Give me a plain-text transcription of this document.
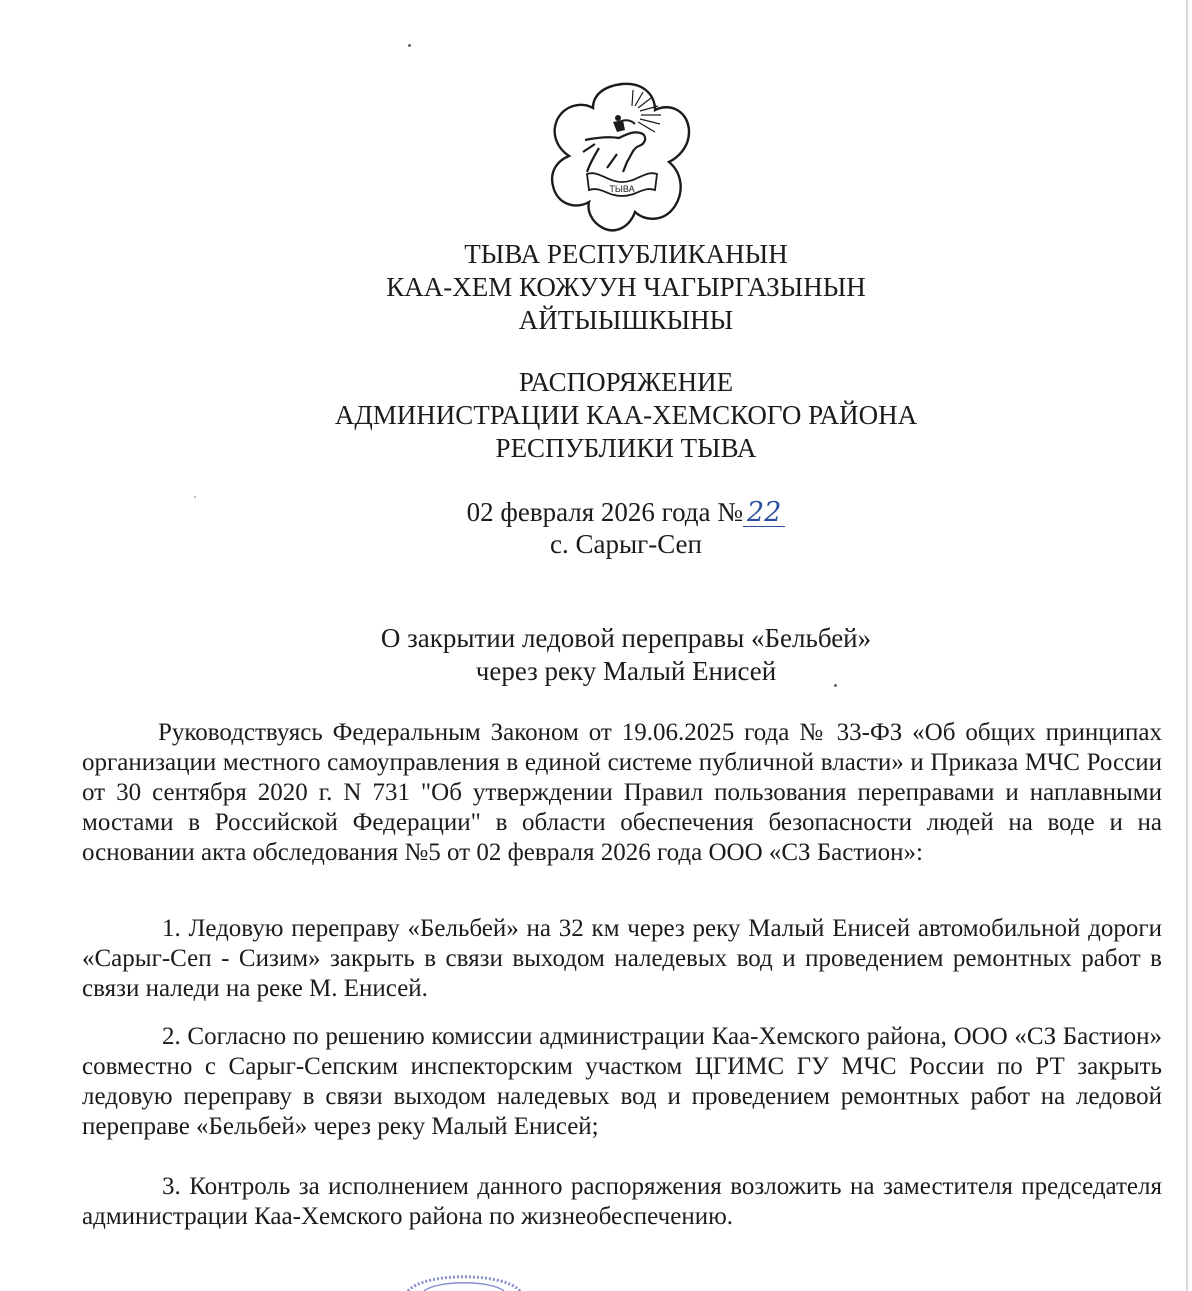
ТЫВА
ТЫВА РЕСПУБЛИКАНЫН
КАА-ХЕМ КОЖУУН ЧАГЫРГАЗЫНЫН
АЙТЫЫШКЫНЫ
РАСПОРЯЖЕНИЕ
АДМИНИСТРАЦИИ КАА-ХЕМСКОГО РАЙОНА
РЕСПУБЛИКИ ТЫВА
02 февраля 2026 года № 22
с. Сарыг-Сеп
О закрытии ледовой переправы «Бельбей»
через реку Малый Енисей

Руководствуясь Федеральным Законом от 19.06.2025 года № 33-ФЗ «Об общих принципах организации местного самоуправления в единой системе публичной власти» и Приказа МЧС России от 30 сентября 2020 г. N 731 "Об утверждении Правил пользования переправами и наплавными мостами в Российской Федерации" в области обеспечения безопасности людей на воде и на основании акта обследования №5 от 02 февраля 2026 года ООО «СЗ Бастион»:

1. Ледовую переправу «Бельбей» на 32 км через реку Малый Енисей автомобильной дороги «Сарыг-Сеп - Сизим» закрыть в связи выходом наледевых вод и проведением ремонтных работ в связи наледи на реке М. Енисей.

2. Согласно по решению комиссии администрации Каа-Хемского района, ООО «СЗ Бастион» совместно с Сарыг-Сепским инспекторским участком ЦГИМС ГУ МЧС России по РТ закрыть ледовую переправу в связи выходом наледевых вод и проведением ремонтных работ на ледовой переправе «Бельбей» через реку Малый Енисей;

3. Контроль за исполнением данного распоряжения возложить на заместителя председателя администрации Каа-Хемского района по жизнеобеспечению.
